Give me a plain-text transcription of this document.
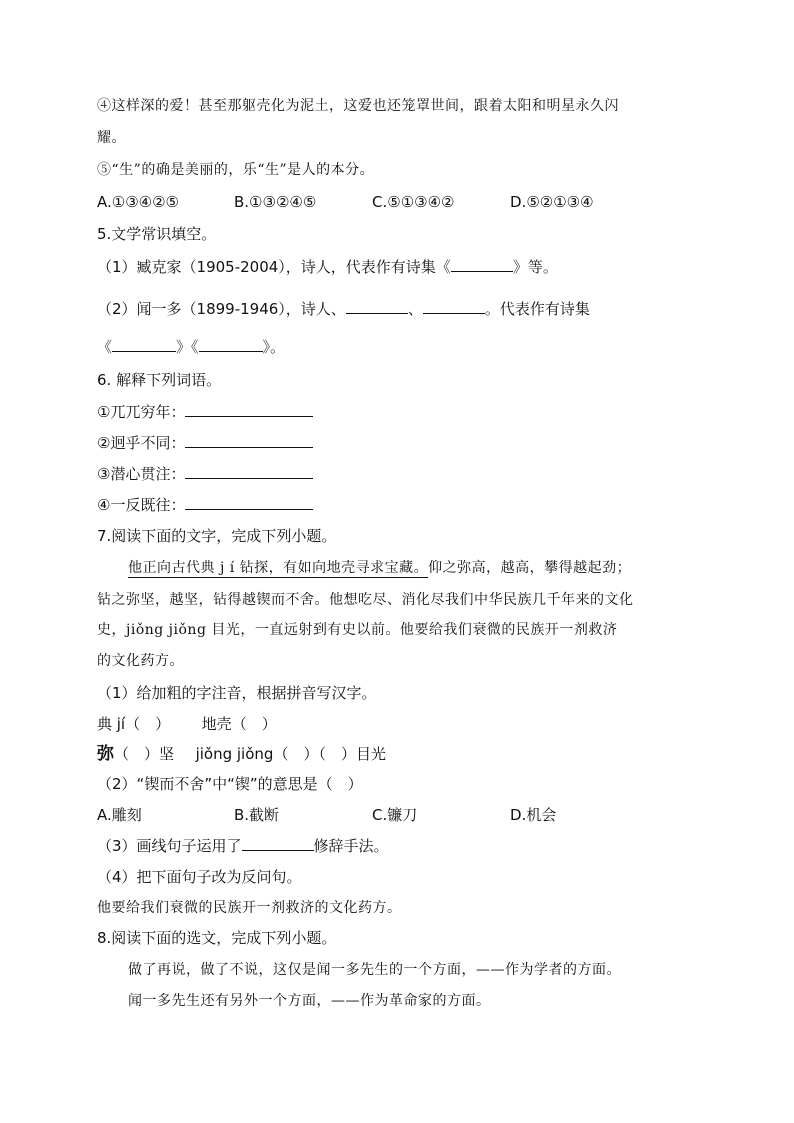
④这样深的爱！甚至那躯壳化为泥土，这爱也还笼罩世间，跟着太阳和明星永久闪
耀。
⑤“生”的确是美丽的，乐“生”是人的本分。
A.①③④②⑤	B.①③②④⑤	C.⑤①③④②	D.⑤②①③④
5.文学常识填空。
（1）臧克家（1905-2004），诗人，代表作有诗集《	》等。
（2）闻一多（1899-1946），诗人、	、	。代表作有诗集
《	》《	》。
6. 解释下列词语。
①兀兀穷年：
②迥乎不同：
③潜心贯注：
④一反既往：
7.阅读下面的文字，完成下列小题。
他正向古代典 j í 钻探，有如向地壳寻求宝藏。仰之弥高，越高，攀得越起劲；
钻之弥坚，越坚，钻得越锲而不舍。他想吃尽、消化尽我们中华民族几千年来的文化
史，jiǒng jiǒng 目光，一直远射到有史以前。他要给我们衰微的民族开一剂救济
的文化药方。
（1）给加粗的字注音，根据拼音写汉字。
典 jí（　） 地壳（　）
弥（　）坚 jiǒng jiǒng（　）（　）目光
（2）“锲而不舍”中“锲”的意思是（　）
A.雕刻	B.截断	C.镰刀	D.机会
（3）画线句子运用了	修辞手法。
（4）把下面句子改为反问句。
他要给我们衰微的民族开一剂救济的文化药方。
8.阅读下面的选文，完成下列小题。
做了再说，做了不说，这仅是闻一多先生的一个方面，——作为学者的方面。
闻一多先生还有另外一个方面，——作为革命家的方面。
